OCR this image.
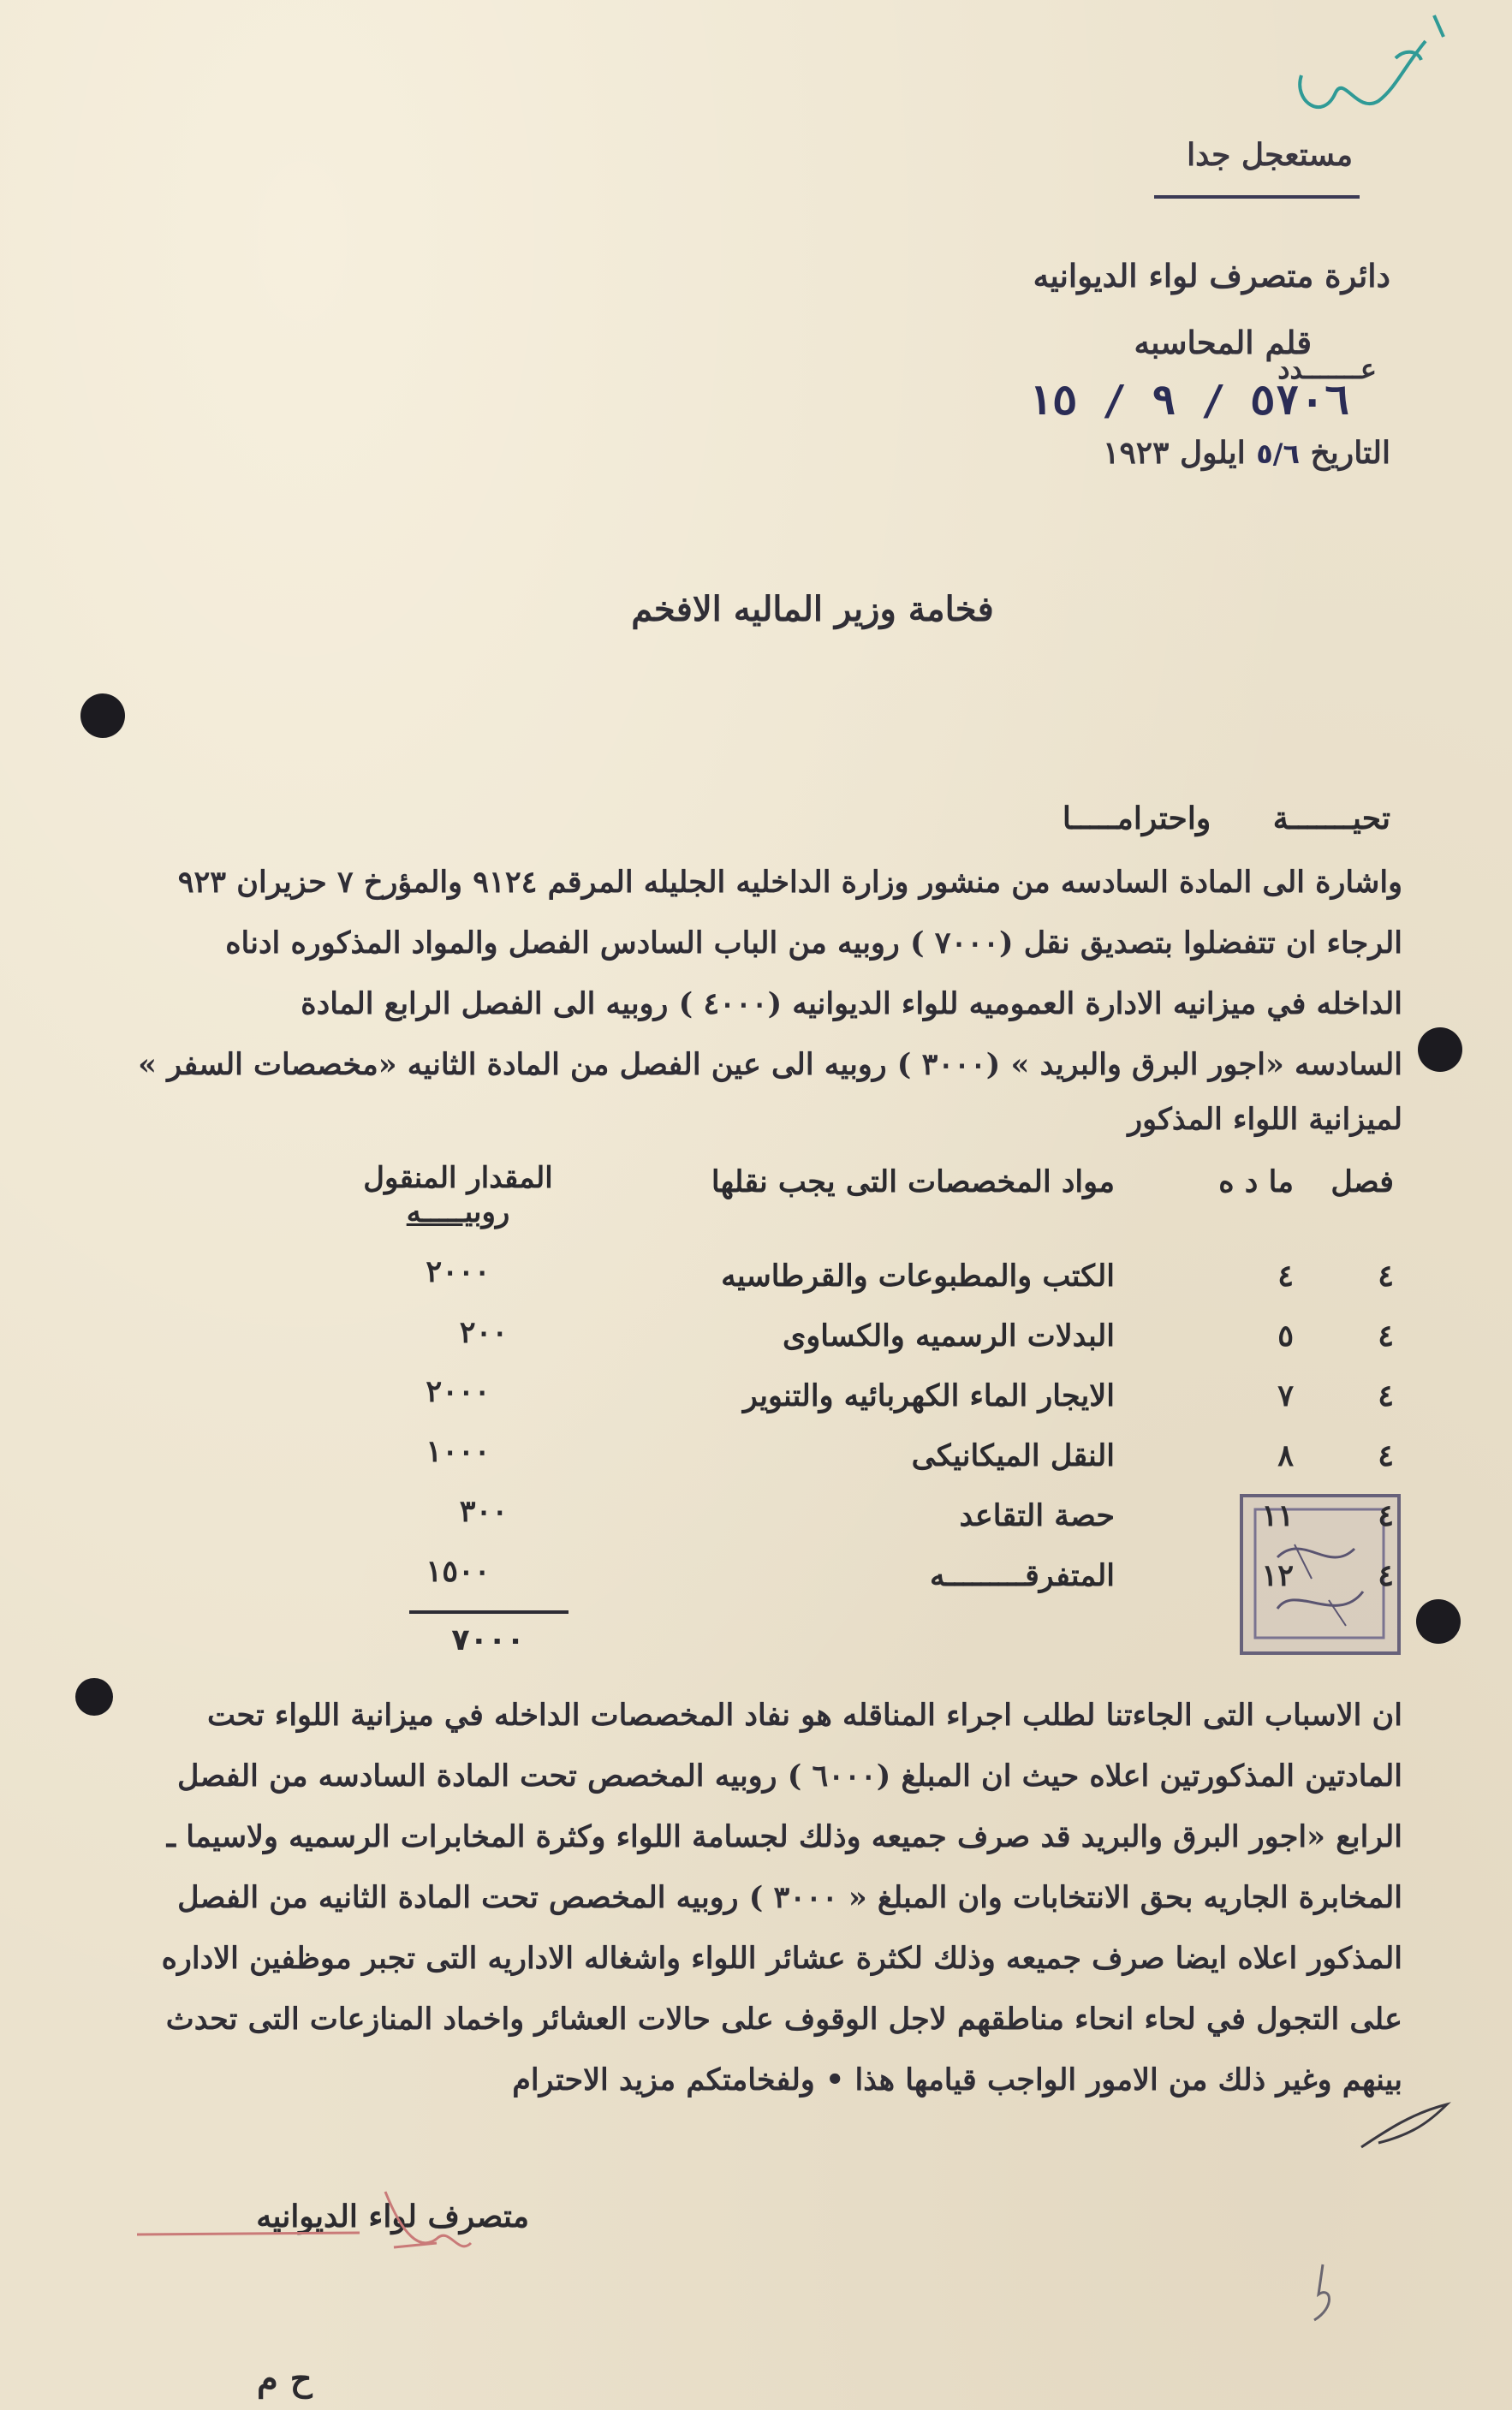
مستعجل جدا
دائرة متصرف لواء الديوانيه
قلم المحاسبه
عـــــــدد
٥٧٠٦ / ٩ / ١٥
التاريخ ٥/٦ ايلول ١٩٢٣
فخامة وزير الماليه الافخم
تحيـــــــة واحترامـــــا

واشارة الى المادة السادسه من منشور وزارة الداخليه الجليله المرقم ٩١٢٤ والمؤرخ ٧ حزيران ٩٢٣

الرجاء ان تتفضلوا بتصديق نقل (٧٠٠٠ ) روبيه من الباب السادس الفصل والمواد المذكوره ادناه

الداخله في ميزانيه الادارة العموميه للواء الديوانيه (٤٠٠٠ ) روبيه الى الفصل الرابع المادة

السادسه «اجور البرق والبريد » (٣٠٠٠ ) روبيه الى عين الفصل من المادة الثانيه «مخصصات السفر »

لميزانية اللواء المذكور

فصل
ما د ه
مواد المخصصات التى يجب نقلها
المقدار المنقول
روبيـــــه
٤
٤
الكتب والمطبوعات والقرطاسيه
٢٠٠٠
٤
٥
البدلات الرسميه والكساوى
٢٠٠
٤
٧
الايجار الماء الكهربائيه والتنوير
٢٠٠٠
٤
٨
النقل الميكانيكى
١٠٠٠
٤
١١
حصة التقاعد
٣٠٠
٤
١٢
المتفرقـــــــــه
١٥٠٠
٧٠٠٠

ان الاسباب التى الجاءتنا لطلب اجراء المناقله هو نفاد المخصصات الداخله في ميزانية اللواء تحت

المادتين المذكورتين اعلاه حيث ان المبلغ (٦٠٠٠ ) روبيه المخصص تحت المادة السادسه من الفصل

الرابع «اجور البرق والبريد قد صرف جميعه وذلك لجسامة اللواء وكثرة المخابرات الرسميه ولاسيما ـ

المخابرة الجاريه بحق الانتخابات وان المبلغ « ٣٠٠٠ ) روبيه المخصص تحت المادة الثانيه من الفصل

المذكور اعلاه ايضا صرف جميعه وذلك لكثرة عشائر اللواء واشغاله الاداريه التى تجبر موظفين الاداره

على التجول في لحاء انحاء مناطقهم لاجل الوقوف على حالات العشائر واخماد المنازعات التى تحدث

بينهم وغير ذلك من الامور الواجب قيامها هذا • ولفخامتكم مزيد الاحترام

متصرف لواء الديوانيه
ح م
